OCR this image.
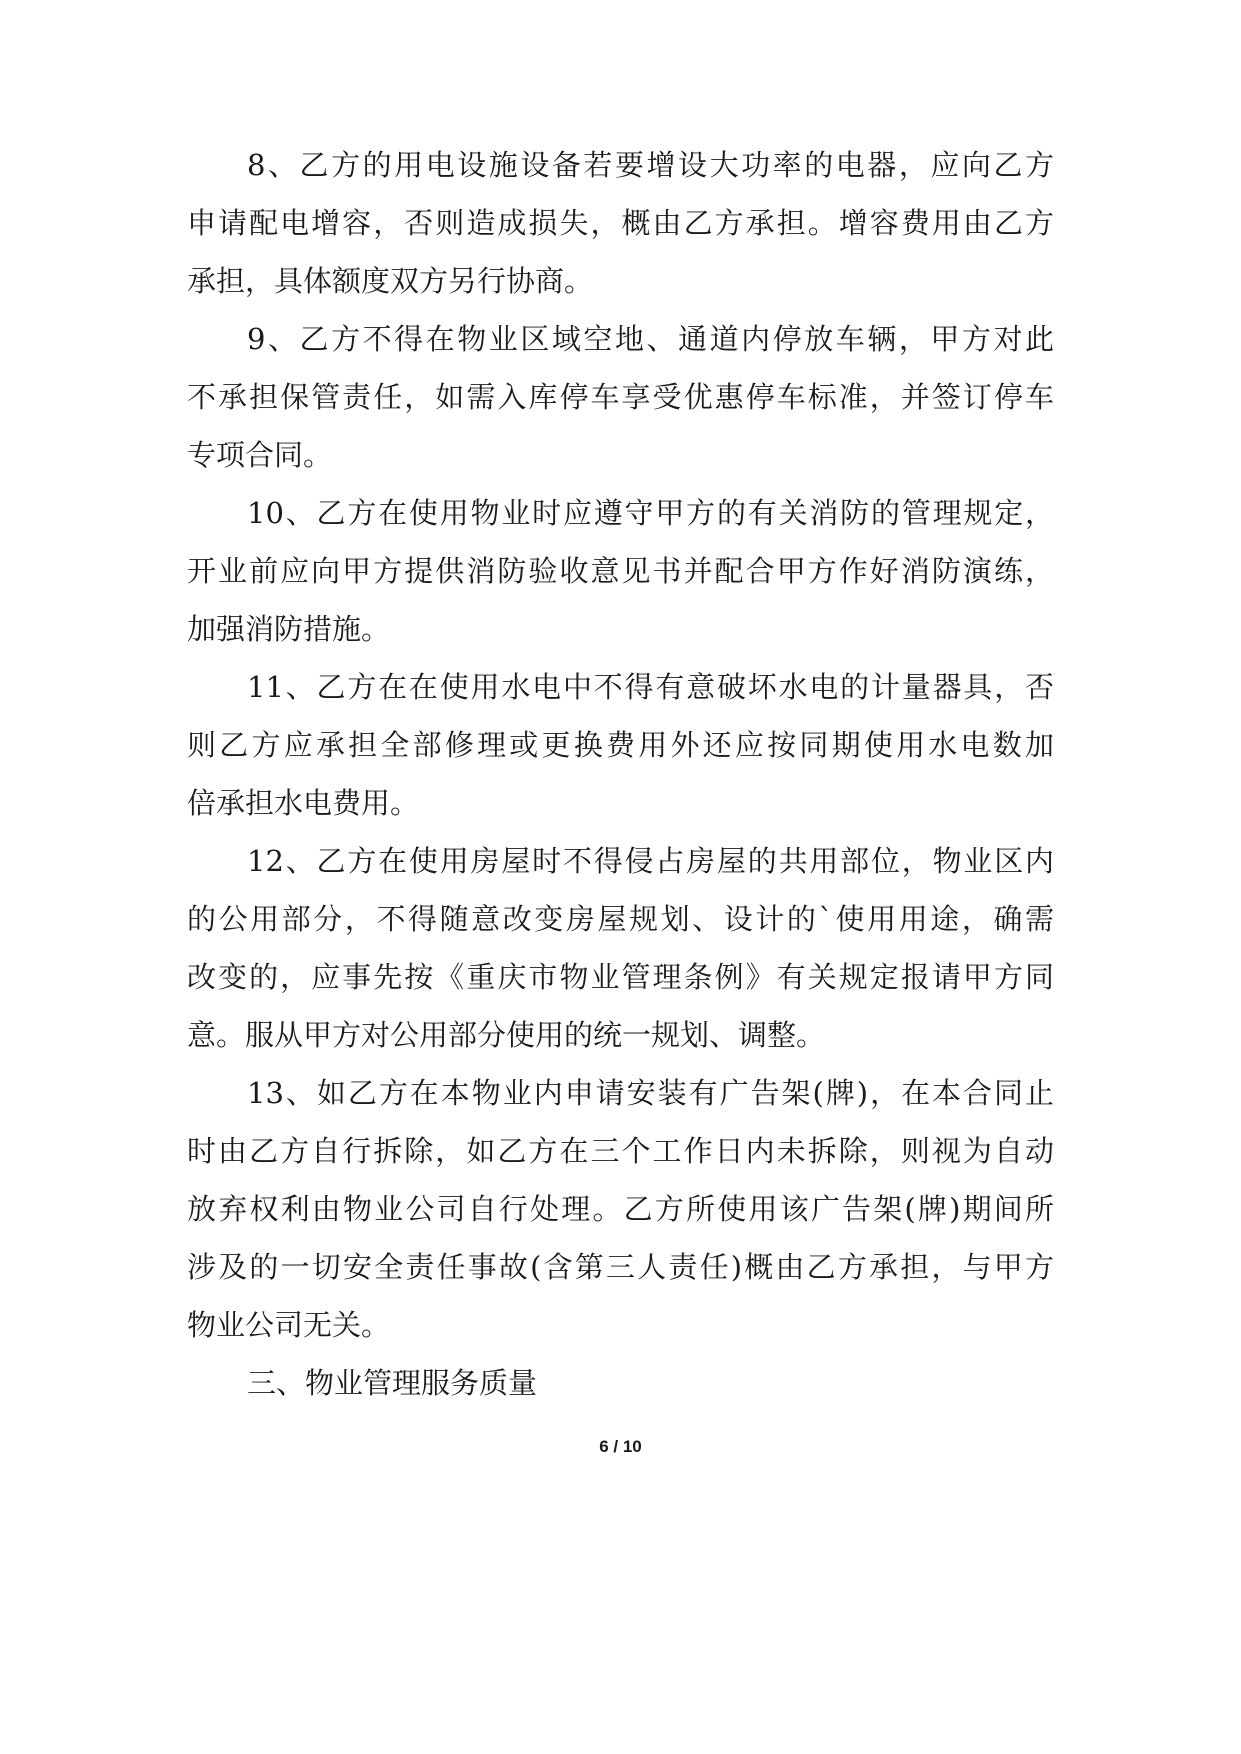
8、乙方的用电设施设备若要增设大功率的电器，应向乙方
申请配电增容，否则造成损失，概由乙方承担。增容费用由乙方
承担，具体额度双方另行协商。
9、乙方不得在物业区域空地、通道内停放车辆，甲方对此
不承担保管责任，如需入库停车享受优惠停车标准，并签订停车
专项合同。
10、乙方在使用物业时应遵守甲方的有关消防的管理规定，
开业前应向甲方提供消防验收意见书并配合甲方作好消防演练，
加强消防措施。
11、乙方在在使用水电中不得有意破坏水电的计量器具，否
则乙方应承担全部修理或更换费用外还应按同期使用水电数加
倍承担水电费用。
12、乙方在使用房屋时不得侵占房屋的共用部位，物业区内
的公用部分，不得随意改变房屋规划、设计的`使用用途，确需
改变的，应事先按《重庆市物业管理条例》有关规定报请甲方同
意。服从甲方对公用部分使用的统一规划、调整。
13、如乙方在本物业内申请安装有广告架(牌)，在本合同止
时由乙方自行拆除，如乙方在三个工作日内未拆除，则视为自动
放弃权利由物业公司自行处理。乙方所使用该广告架(牌)期间所
涉及的一切安全责任事故(含第三人责任)概由乙方承担，与甲方
物业公司无关。
三、物业管理服务质量
6 / 10
